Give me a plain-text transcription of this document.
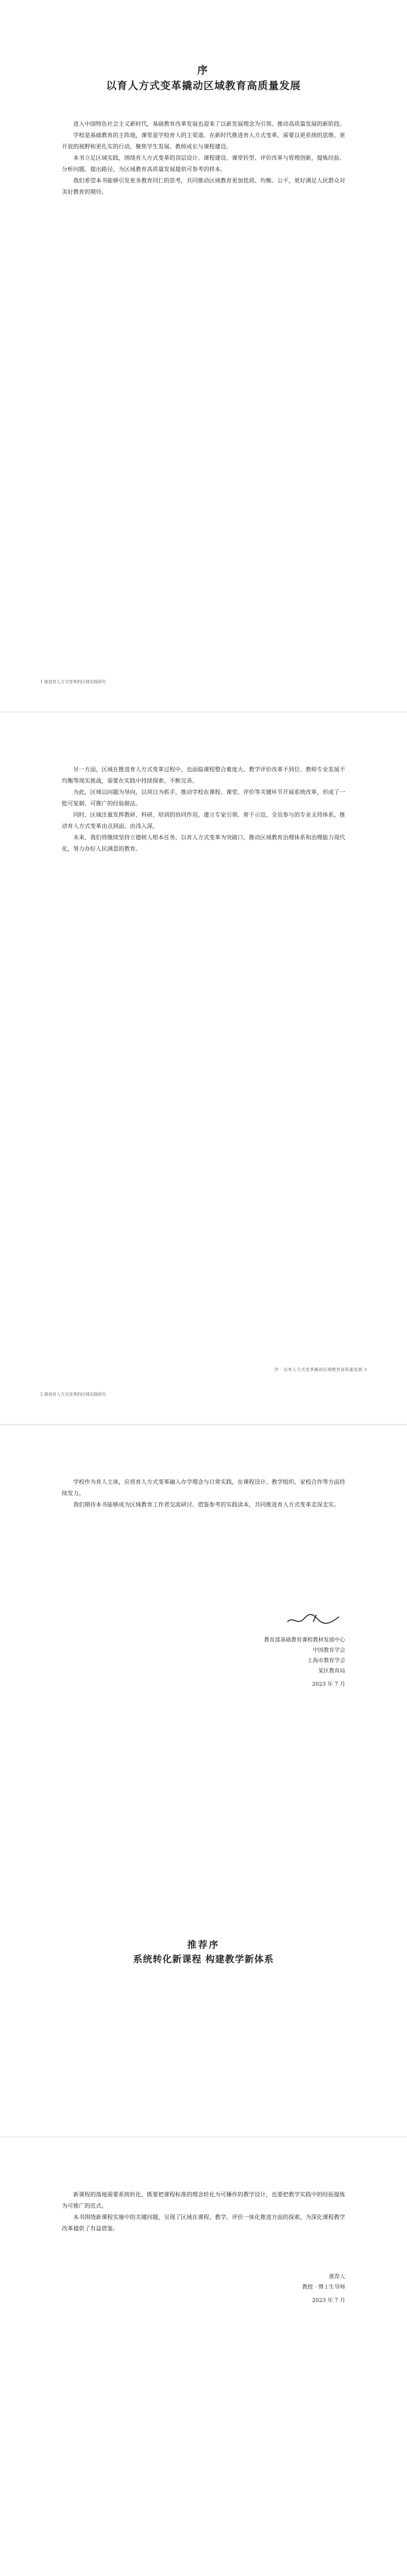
序
以育人方式变革撬动区域教育高质量发展

进入中国特色社会主义新时代，基础教育改革发展也迎来了以新发展理念为引领、推动高质量发展的新阶段。

学校是基础教育的主阵地，课堂是学校育人的主渠道。在新时代推进育人方式变革，需要以更系统的思维、更开放的视野和更扎实的行动，聚焦学生发展、教师成长与课程建设。

本书立足区域实践，围绕育人方式变革的顶层设计、课程建设、课堂转型、评价改革与管理创新，提炼经验、分析问题、提出路径，为区域教育高质量发展提供可参考的样本。

我们希望本书能够引发更多教育同仁的思考，共同推动区域教育更加优质、均衡、公平，更好满足人民群众对美好教育的期待。

1 推进育人方式变革的区域实践研究
序 · 以育人方式变革撬动区域教育高质量发展 3

另一方面，区域在推进育人方式变革过程中，也面临课程整合难度大、教学评价改革不到位、教师专业发展不均衡等现实挑战，需要在实践中持续探索、不断完善。

为此，区域以问题为导向，以项目为抓手，推动学校在课程、课堂、评价等关键环节开展系统改革，形成了一批可复制、可推广的经验做法。

同时，区域注重发挥教研、科研、培训的协同作用，建立专家引领、骨干示范、全员参与的专业支持体系，推动育人方式变革由点到面、由浅入深。

未来，我们将继续坚持立德树人根本任务，以育人方式变革为突破口，推动区域教育治理体系和治理能力现代化，努力办好人民满意的教育。

2 推进育人方式变革的区域实践研究

学校作为育人主体，应将育人方式变革融入办学理念与日常实践，在课程设计、教学组织、家校合作等方面持续发力。

我们期待本书能够成为区域教育工作者交流研讨、借鉴参考的实践读本，共同推进育人方式变革走深走实。

教育部基础教育课程教材发展中心
中国教育学会
上海市教育学会
某区教育局
2023 年 7 月
推荐序
系统转化新课程 构建教学新体系

新课程的落地需要系统转化，既要把课程标准的理念转化为可操作的教学设计，也要把教学实践中的经验提炼为可推广的范式。

本书围绕新课程实施中的关键问题，呈现了区域在课程、教学、评价一体化推进方面的探索，为深化课程教学改革提供了有益借鉴。

推荐人
教授 · 博士生导师
2023 年 7 月
